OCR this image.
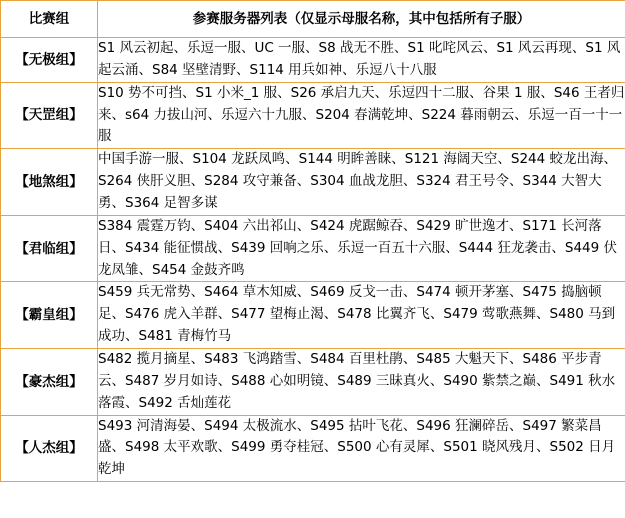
比赛组	参赛服务器列表（仅显示母服名称，其中包括所有子服）
【无极组】	S1 风云初起、乐逗一服、UC 一服、S8 战无不胜、S1 叱咤风云、S1 风云再现、S1 风起云涌、S84 坚壁清野、S114 用兵如神、乐逗八十八服
【天罡组】	S10 势不可挡、S1 小米_1 服、S26 承启九天、乐逗四十二服、谷果 1 服、S46 王者归来、s64 力拔山河、乐逗六十九服、S204 春满乾坤、S224 暮雨朝云、乐逗一百一十一服
【地煞组】	中国手游一服、S104 龙跃凤鸣、S144 明眸善睐、S121 海阔天空、S244 蛟龙出海、S264 侠肝义胆、S284 攻守兼备、S304 血战龙胆、S324 君王号令、S344 大智大勇、S364 足智多谋
【君临组】	S384 震霆万钧、S404 六出祁山、S424 虎踞鲸吞、S429 旷世逸才、S171 长河落日、S434 能征惯战、S439 回响之乐、乐逗一百五十六服、S444 狂龙袭击、S449 伏龙凤雏、S454 金鼓齐鸣
【霸皇组】	S459 兵无常势、S464 草木知威、S469 反戈一击、S474 顿开茅塞、S475 捣脑顿足、S476 虎入羊群、S477 望梅止渴、S478 比翼齐飞、S479 莺歌燕舞、S480 马到成功、S481 青梅竹马
【豪杰组】	S482 揽月摘星、S483 飞鸿踏雪、S484 百里杜鹃、S485 大魁天下、S486 平步青云、S487 岁月如诗、S488 心如明镜、S489 三昧真火、S490 紫禁之巅、S491 秋水落霞、S492 舌灿莲花
【人杰组】	S493 河清海晏、S494 太极流水、S495 拈叶飞花、S496 狂澜碎岳、S497 繁菜昌盛、S498 太平欢歌、S499 勇夺桂冠、S500 心有灵犀、S501 晓风残月、S502 日月乾坤
